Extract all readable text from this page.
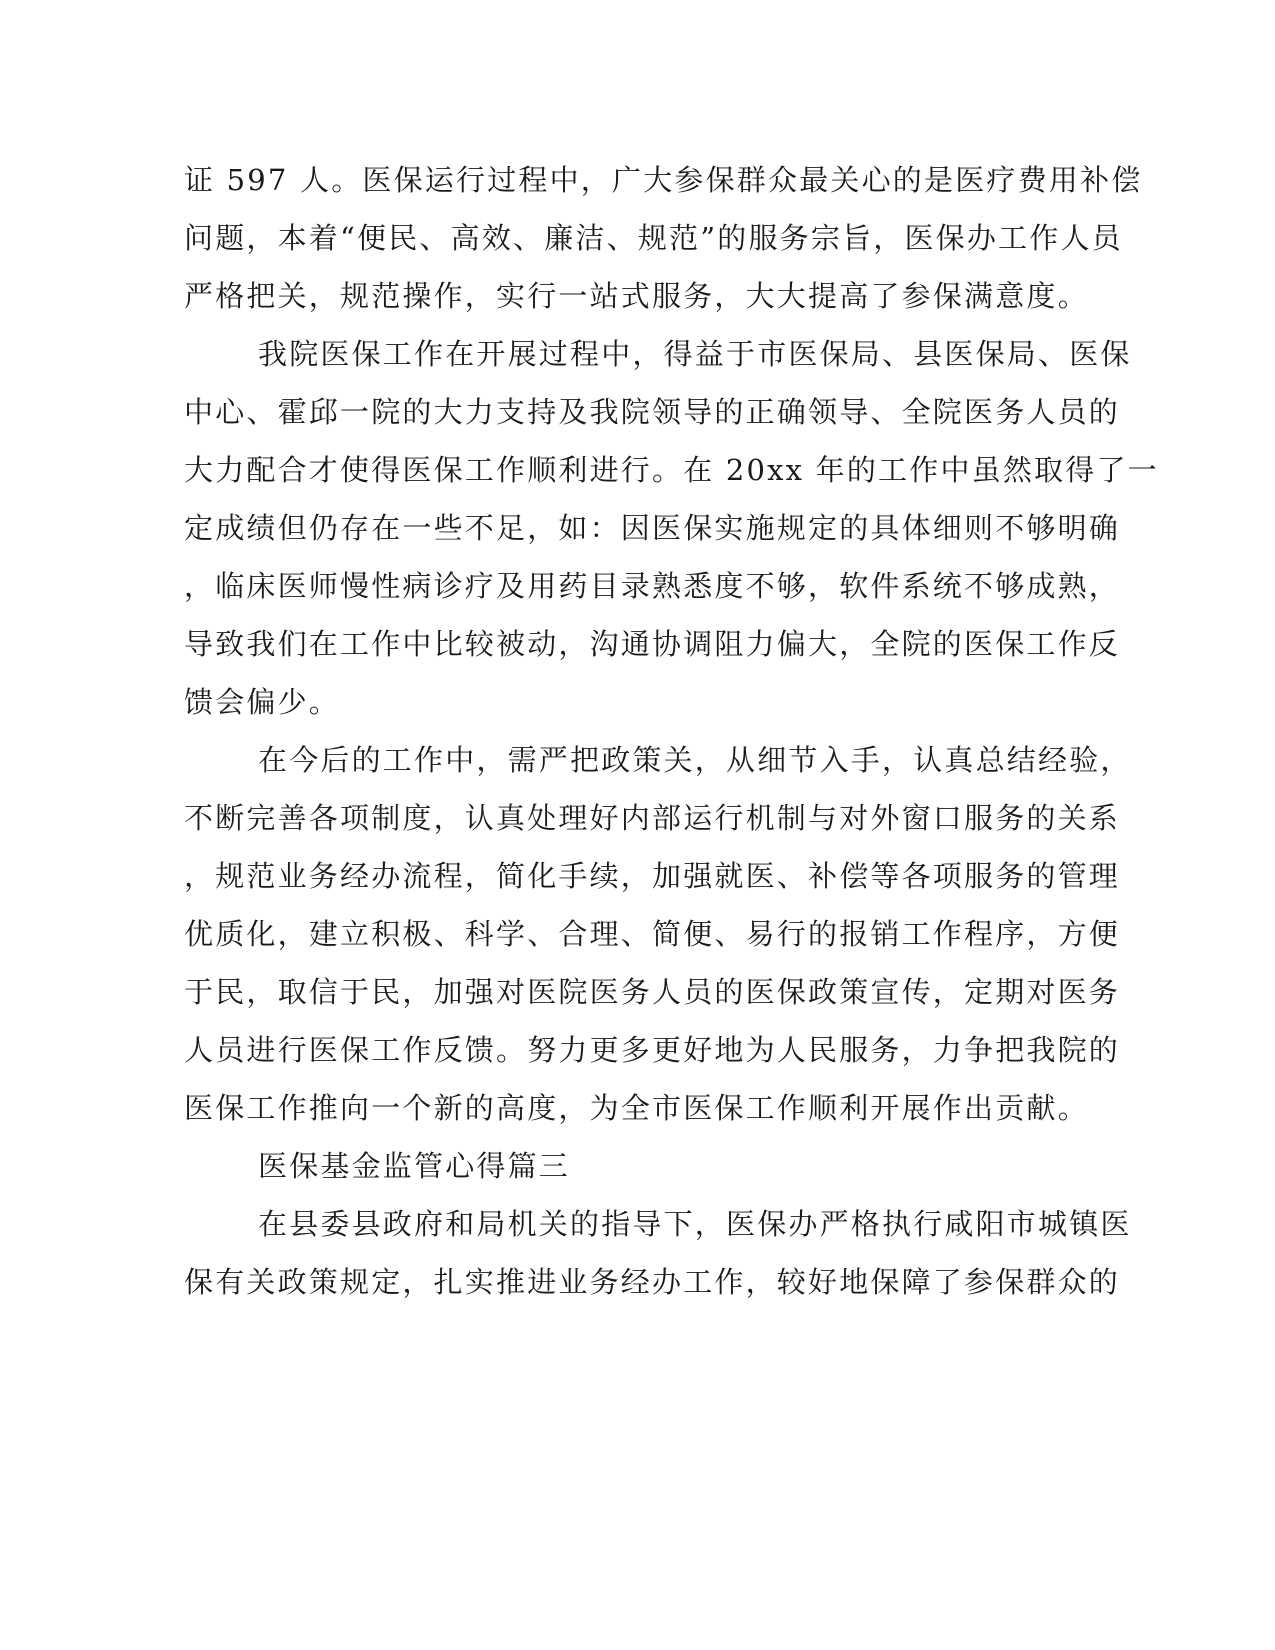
证 597 人。医保运行过程中，广大参保群众最关心的是医疗费用补偿
问题，本着“便民、高效、廉洁、规范”的服务宗旨，医保办工作人员
严格把关，规范操作，实行一站式服务，大大提高了参保满意度。
我院医保工作在开展过程中，得益于市医保局、县医保局、医保
中心、霍邱一院的大力支持及我院领导的正确领导、全院医务人员的
大力配合才使得医保工作顺利进行。在 20xx 年的工作中虽然取得了一
定成绩但仍存在一些不足，如：因医保实施规定的具体细则不够明确
，临床医师慢性病诊疗及用药目录熟悉度不够，软件系统不够成熟，
导致我们在工作中比较被动，沟通协调阻力偏大，全院的医保工作反
馈会偏少。
在今后的工作中，需严把政策关，从细节入手，认真总结经验，
不断完善各项制度，认真处理好内部运行机制与对外窗口服务的关系
，规范业务经办流程，简化手续，加强就医、补偿等各项服务的管理
优质化，建立积极、科学、合理、简便、易行的报销工作程序，方便
于民，取信于民，加强对医院医务人员的医保政策宣传，定期对医务
人员进行医保工作反馈。努力更多更好地为人民服务，力争把我院的
医保工作推向一个新的高度，为全市医保工作顺利开展作出贡献。
医保基金监管心得篇三
在县委县政府和局机关的指导下，医保办严格执行咸阳市城镇医
保有关政策规定，扎实推进业务经办工作，较好地保障了参保群众的
